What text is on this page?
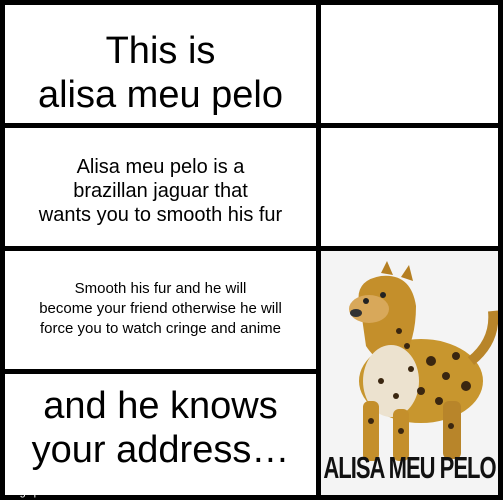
This is
alisa meu pelo
Alisa meu pelo is a
brazillan jaguar that
wants you to smooth his fur
Smooth his fur and he will
become your friend otherwise he will
force you to watch cringe and anime
ALISA MEU PELO
and he knows
your address…
imgflip.com
